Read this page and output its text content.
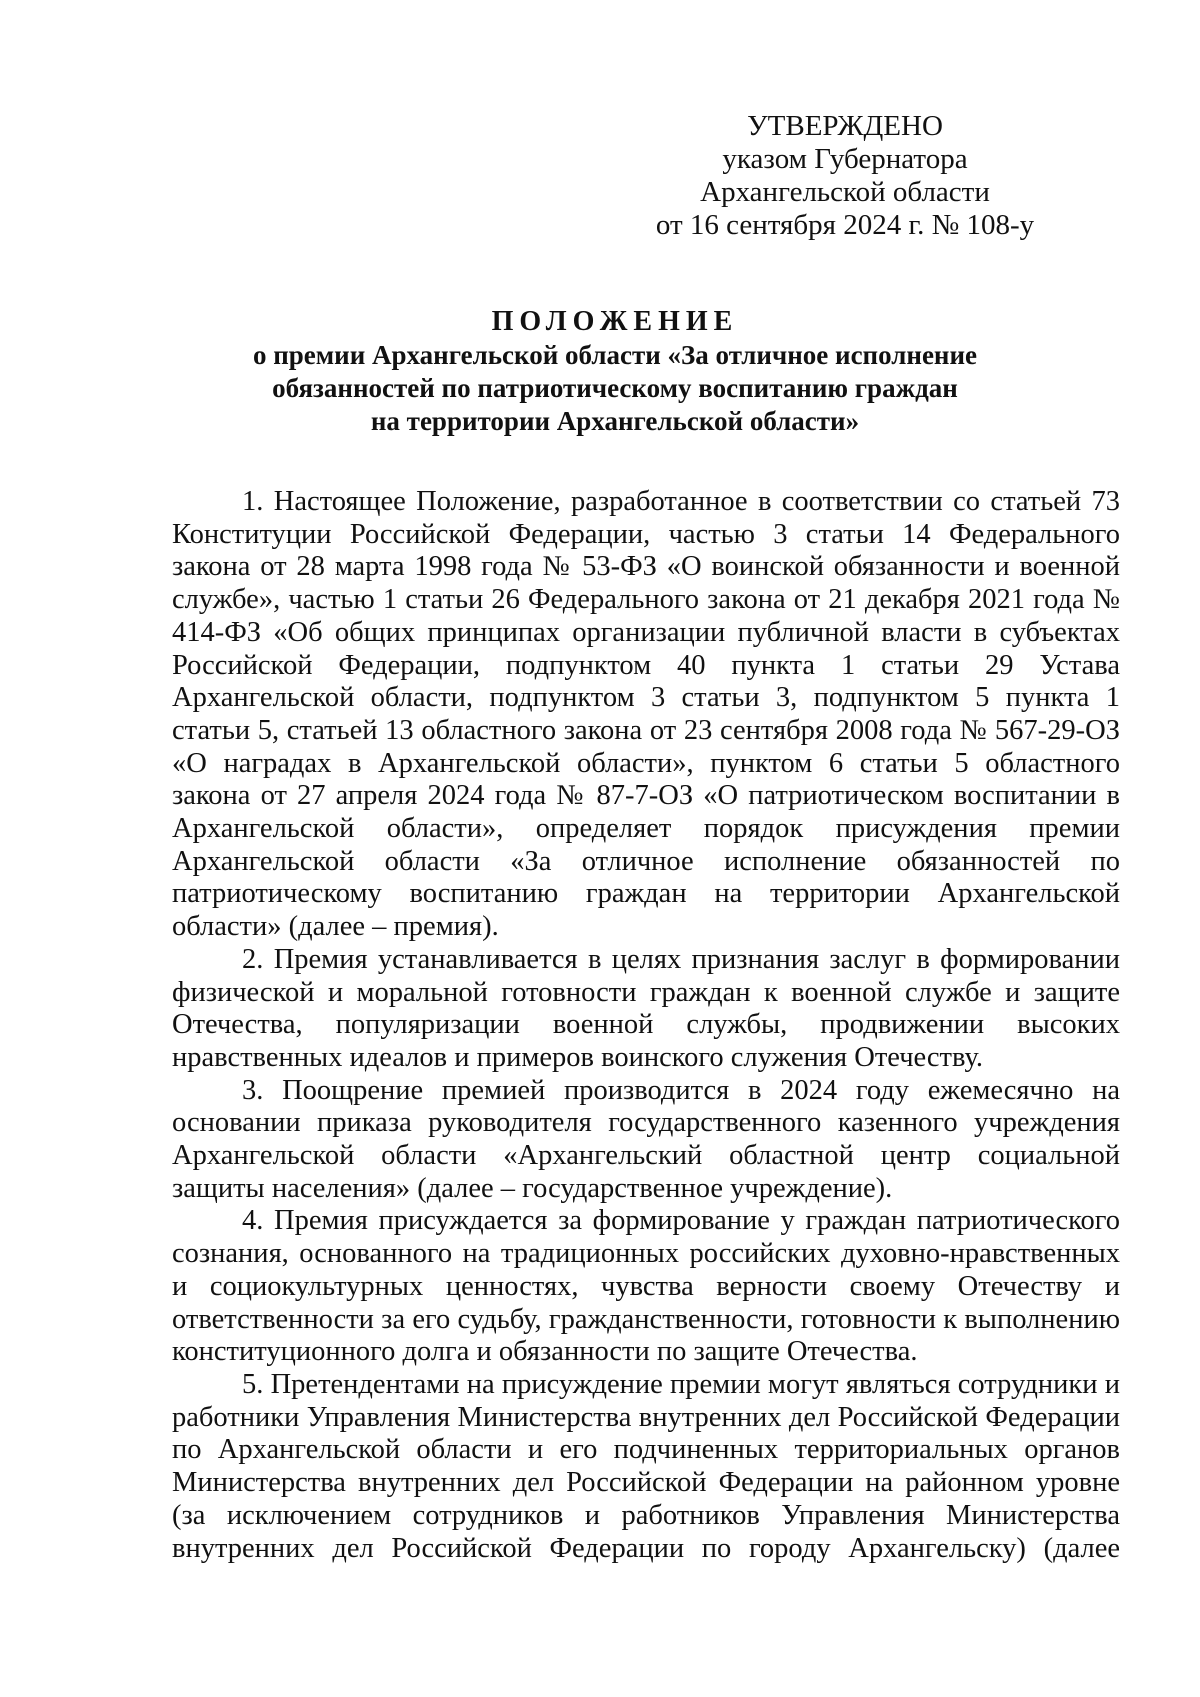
УТВЕРЖДЕНО
указом Губернатора
Архангельской области
от 16 сентября 2024 г. № 108-у
ПОЛОЖЕНИЕ
о премии Архангельской области «За отличное исполнение
обязанностей по патриотическому воспитанию граждан
на территории Архангельской области»

1. Настоящее Положение, разработанное в соответствии со статьей 73 Конституции Российской Федерации, частью 3 статьи 14 Федерального закона от 28 марта 1998 года № 53-ФЗ «О воинской обязанности и военной службе», частью 1 статьи 26 Федерального закона от 21 декабря 2021 года № 414-ФЗ «Об общих принципах организации публичной власти в субъектах Российской Федерации, подпунктом 40 пункта 1 статьи 29 Устава Архангельской области, подпунктом 3 статьи 3, подпунктом 5 пункта 1 статьи 5, статьей 13 областного закона от 23 сентября 2008 года № 567-29-ОЗ «О наградах в Архангельской области», пунктом 6 статьи 5 областного закона от 27 апреля 2024 года № 87-7-ОЗ «О патриотическом воспитании в Архангельской области», определяет порядок присуждения премии Архангельской области «За отличное исполнение обязанностей по патриотическому воспитанию граждан на территории Архангельской области» (далее – премия).

2. Премия устанавливается в целях признания заслуг в формировании физической и моральной готовности граждан к военной службе и защите Отечества, популяризации военной службы, продвижении высоких нравственных идеалов и примеров воинского служения Отечеству.

3. Поощрение премией производится в 2024 году ежемесячно на основании приказа руководителя государственного казенного учреждения Архангельской области «Архангельский областной центр социальной защиты населения» (далее – государственное учреждение).

4. Премия присуждается за формирование у граждан патриотического сознания, основанного на традиционных российских духовно-нравственных и социокультурных ценностях, чувства верности своему Отечеству и ответственности за его судьбу, гражданственности, готовности к выполнению конституционного долга и обязанности по защите Отечества.

5. Претендентами на присуждение премии могут являться сотрудники и работники Управления Министерства внутренних дел Российской Федерации по Архангельской области и его подчиненных территориальных органов Министерства внутренних дел Российской Федерации на районном уровне (за исключением сотрудников и работников Управления Министерства внутренних дел Российской Федерации по городу Архангельску) (далее
